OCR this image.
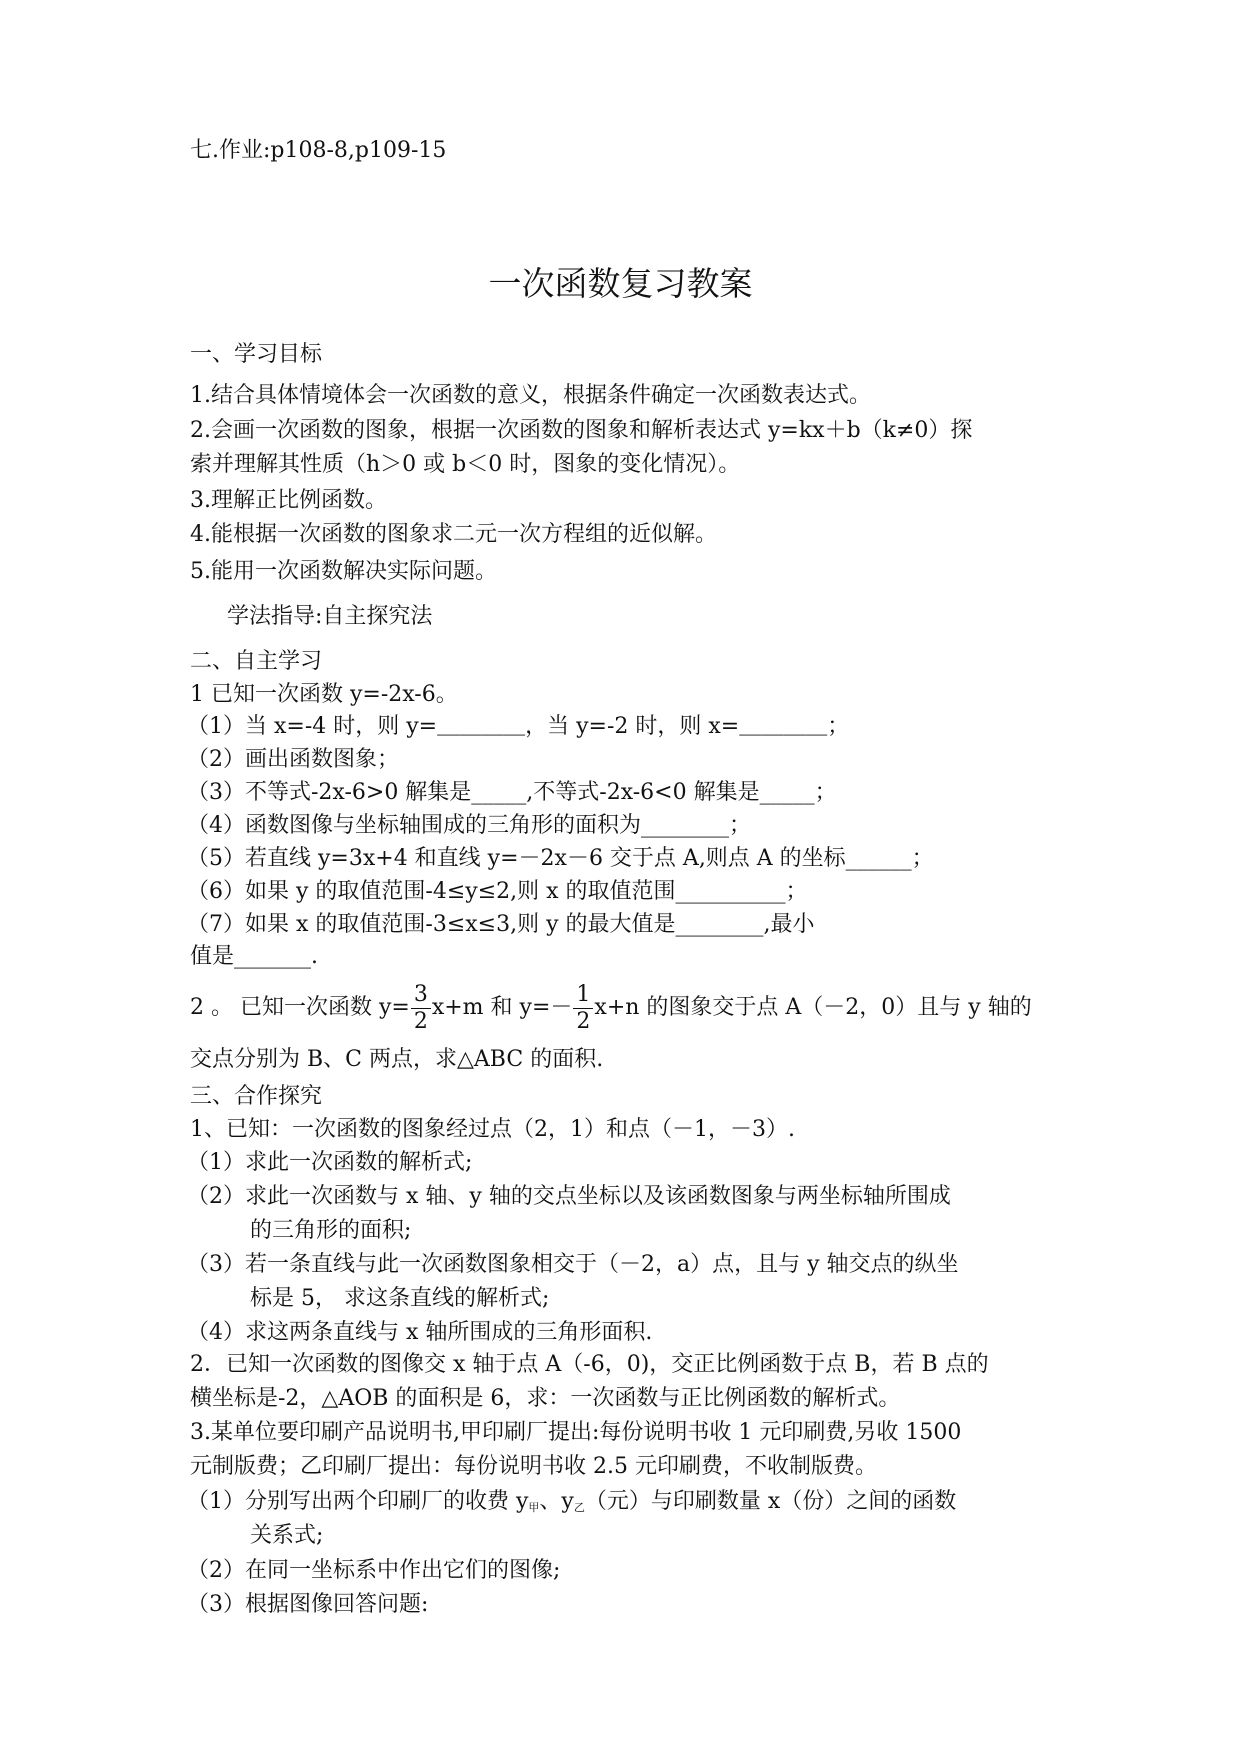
七.作业:p108-8,p109-15
一次函数复习教案
一、学习目标
1.结合具体情境体会一次函数的意义，根据条件确定一次函数表达式。
2.会画一次函数的图象，根据一次函数的图象和解析表达式 y=kx＋b（k≠0）探
索并理解其性质（h＞0 或 b＜0 时，图象的变化情况）。
3.理解正比例函数。
4.能根据一次函数的图象求二元一次方程组的近似解。
5.能用一次函数解决实际问题。
学法指导:自主探究法
二、自主学习
1 已知一次函数 y=-2x-6。
（1）当 x=-4 时，则 y=＿＿＿＿，当 y=-2 时，则 x=＿＿＿＿；
（2）画出函数图象；
（3）不等式-2x-6>0 解集是_____,不等式-2x-6<0 解集是_____；
（4）函数图像与坐标轴围成的三角形的面积为________；
（5）若直线 y=3x+4 和直线 y=－2x－6 交于点 A,则点 A 的坐标______；
（6）如果 y 的取值范围-4≤y≤2,则 x 的取值范围__________；
（7）如果 x 的取值范围-3≤x≤3,则 y 的最大值是________,最小
值是_______.
2 。 已知一次函数 $y= \frac{3}{2} x+m$ 和 $y=- \frac{1}{2} x+n$ 的图象交于点 A（－2，0）且与 y 轴的
交点分别为 B、C 两点，求△ABC 的面积.
三、合作探究
1、已知：一次函数的图象经过点（2，1）和点（－1，－3）.
（1）求此一次函数的解析式;
（2）求此一次函数与 x 轴、y 轴的交点坐标以及该函数图象与两坐标轴所围成
的三角形的面积;
（3）若一条直线与此一次函数图象相交于（－2，a）点，且与 y 轴交点的纵坐
标是 5， 求这条直线的解析式;
（4）求这两条直线与 x 轴所围成的三角形面积.
2．已知一次函数的图像交 x 轴于点 A（-6，0)，交正比例函数于点 B，若 B 点的
横坐标是-2，△AOB 的面积是 6，求：一次函数与正比例函数的解析式。
3.某单位要印刷产品说明书,甲印刷厂提出:每份说明书收 1 元印刷费,另收 1500
元制版费；乙印刷厂提出：每份说明书收 2.5 元印刷费，不收制版费。
（1）分别写出两个印刷厂的收费 $y_甲$、$y_乙$（元）与印刷数量 x（份）之间的函数
关系式;
（2）在同一坐标系中作出它们的图像;
（3）根据图像回答问题:
